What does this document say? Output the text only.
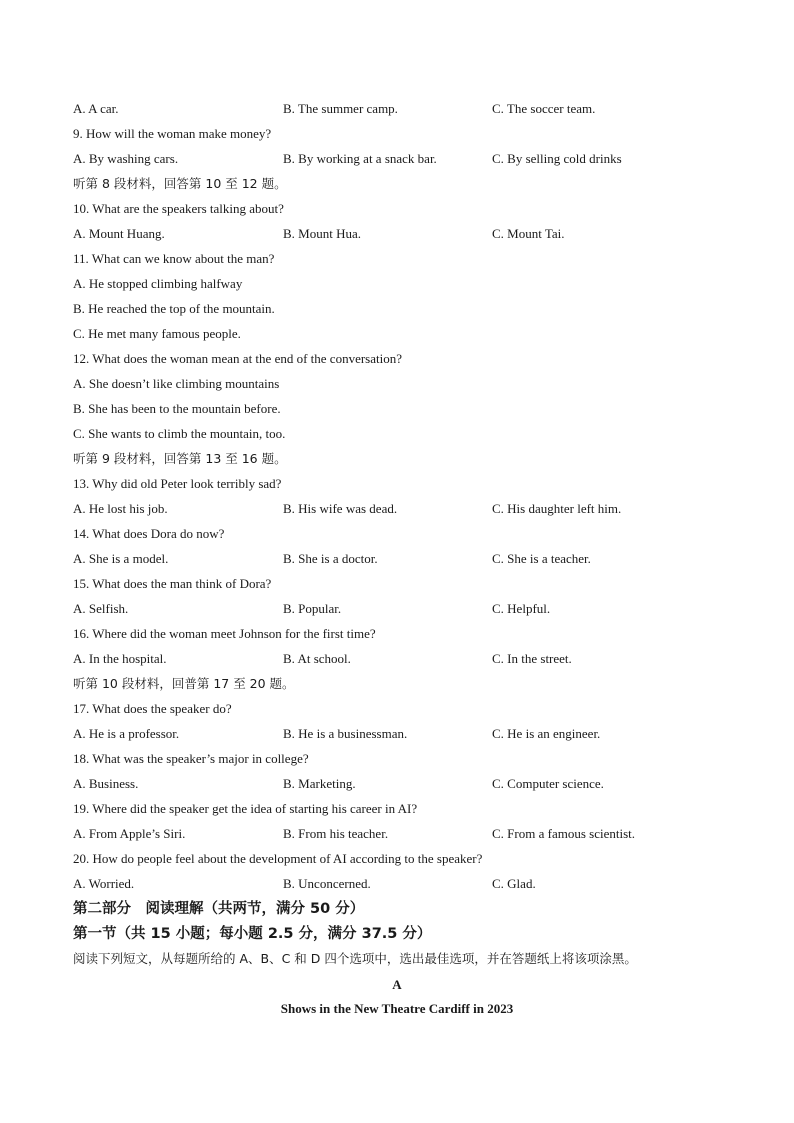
A. A car.	B. The summer camp.	C. The soccer team.
9. How will the woman make money?
A. By washing cars.	B. By working at a snack bar.	C. By selling cold drinks
听第 8 段材料，回答第 10 至 12 题。
10. What are the speakers talking about?
A. Mount Huang.	B. Mount Hua.	C. Mount Tai.
11. What can we know about the man?
A. He stopped climbing halfway
B. He reached the top of the mountain.
C. He met many famous people.
12. What does the woman mean at the end of the conversation?
A. She doesn’t like climbing mountains
B. She has been to the mountain before.
C. She wants to climb the mountain, too.
听第 9 段材料，回答第 13 至 16 题。
13. Why did old Peter look terribly sad?
A. He lost his job.	B. His wife was dead.	C. His daughter left him.
14. What does Dora do now?
A. She is a model.	B. She is a doctor.	C. She is a teacher.
15. What does the man think of Dora?
A. Selfish.	B. Popular.	C. Helpful.
16. Where did the woman meet Johnson for the first time?
A. In the hospital.	B. At school.	C. In the street.
听第 10 段材料，回普第 17 至 20 题。
17. What does the speaker do?
A. He is a professor.	B. He is a businessman.	C. He is an engineer.
18. What was the speaker’s major in college?
A. Business.	B. Marketing.	C. Computer science.
19. Where did the speaker get the idea of starting his career in AI?
A. From Apple’s Siri.	B. From his teacher.	C. From a famous scientist.
20. How do people feel about the development of AI according to the speaker?
A. Worried.	B. Unconcerned.	C. Glad.
第二部分　阅读理解（共两节，满分 50 分）
第一节（共 15 小题；每小题 2.5 分，满分 37.5 分）
阅读下列短文，从每题所给的 A、B、C 和 D 四个选项中，选出最佳选项，并在答题纸上将该项涂黑。
A
Shows in the New Theatre Cardiff in 2023
